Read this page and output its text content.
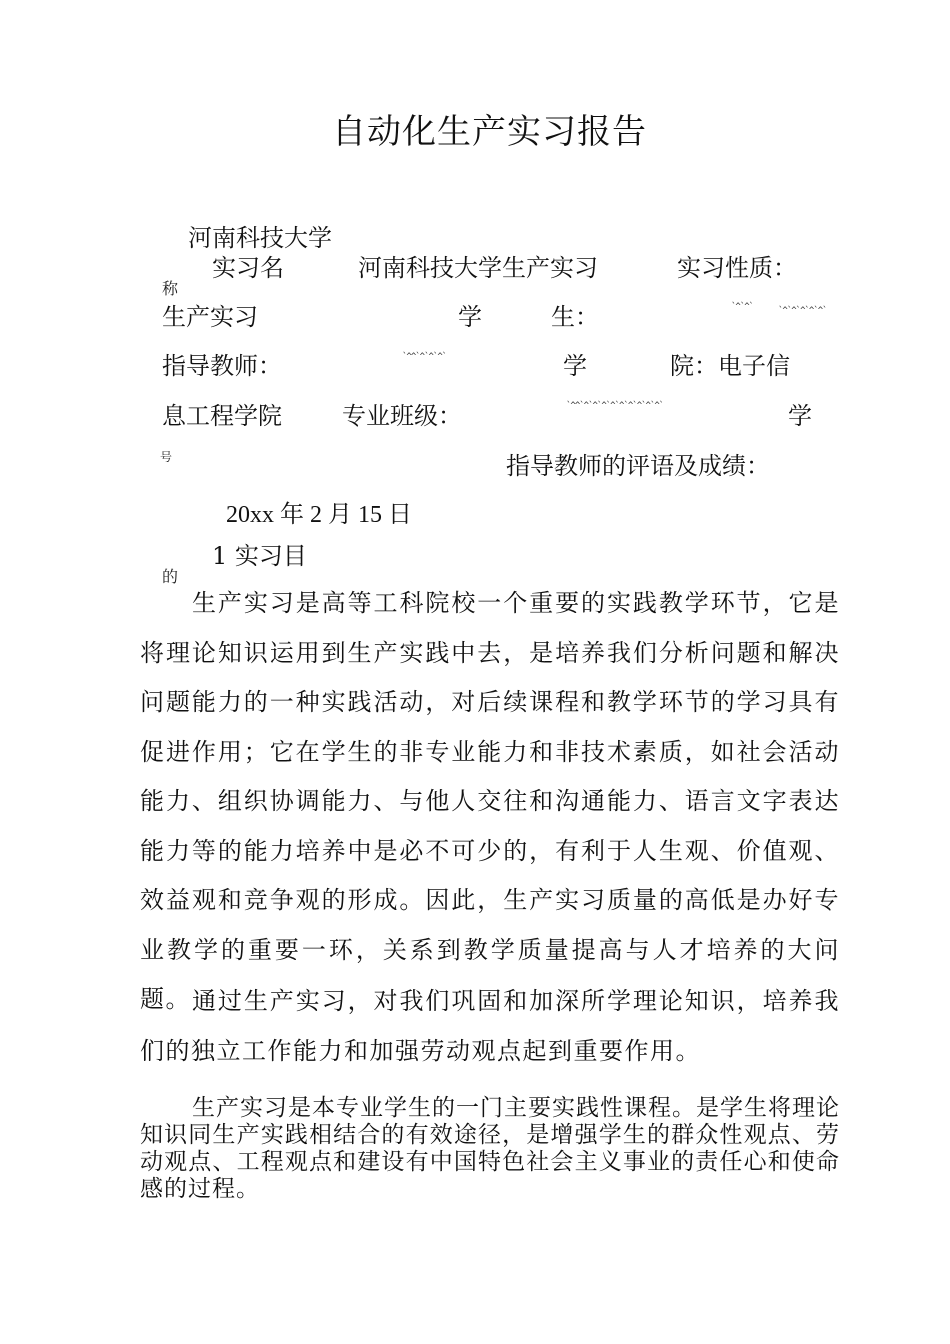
自动化生产实习报告
河南科技大学
实习名	河南科技大学生产实习	实习性质：
称
生产实习	学	生：	`^`^`	`^`^`^`^`^`
指导教师：	`^^`^`^`^`	学	院：电子信
息工程学院	专业班级：	`^^`^`^`^`^`^`^`^`^`^`	学
号	指导教师的评语及成绩：
20xx 年 2 月 15 日
1 实习目
的
生产实习是高等工科院校一个重要的实践教学环节，它是将理论知识运用到生产实践中去，是培养我们分析问题和解决问题能力的一种实践活动，对后续课程和教学环节的学习具有促进作用；它在学生的非专业能力和非技术素质，如社会活动能力、组织协调能力、与他人交往和沟通能力、语言文字表达能力等的能力培养中是必不可少的，有利于人生观、价值观、效益观和竞争观的形成。因此，生产实习质量的高低是办好专业教学的重要一环，关系到教学质量提高与人才培养的大问题。 通过生产实习，对我们巩固和加深所学理论知识，培养我们的独立工作能力和加强劳动观点起到重要作用。
生产实习是本专业学生的一门主要实践性课程。是学生将理论知识同生产实践相结合的有效途径，是增强学生的群众性观点、劳动观点、工程观点和建设有中国特色社会主义事业的责任心和使命感的过程。
